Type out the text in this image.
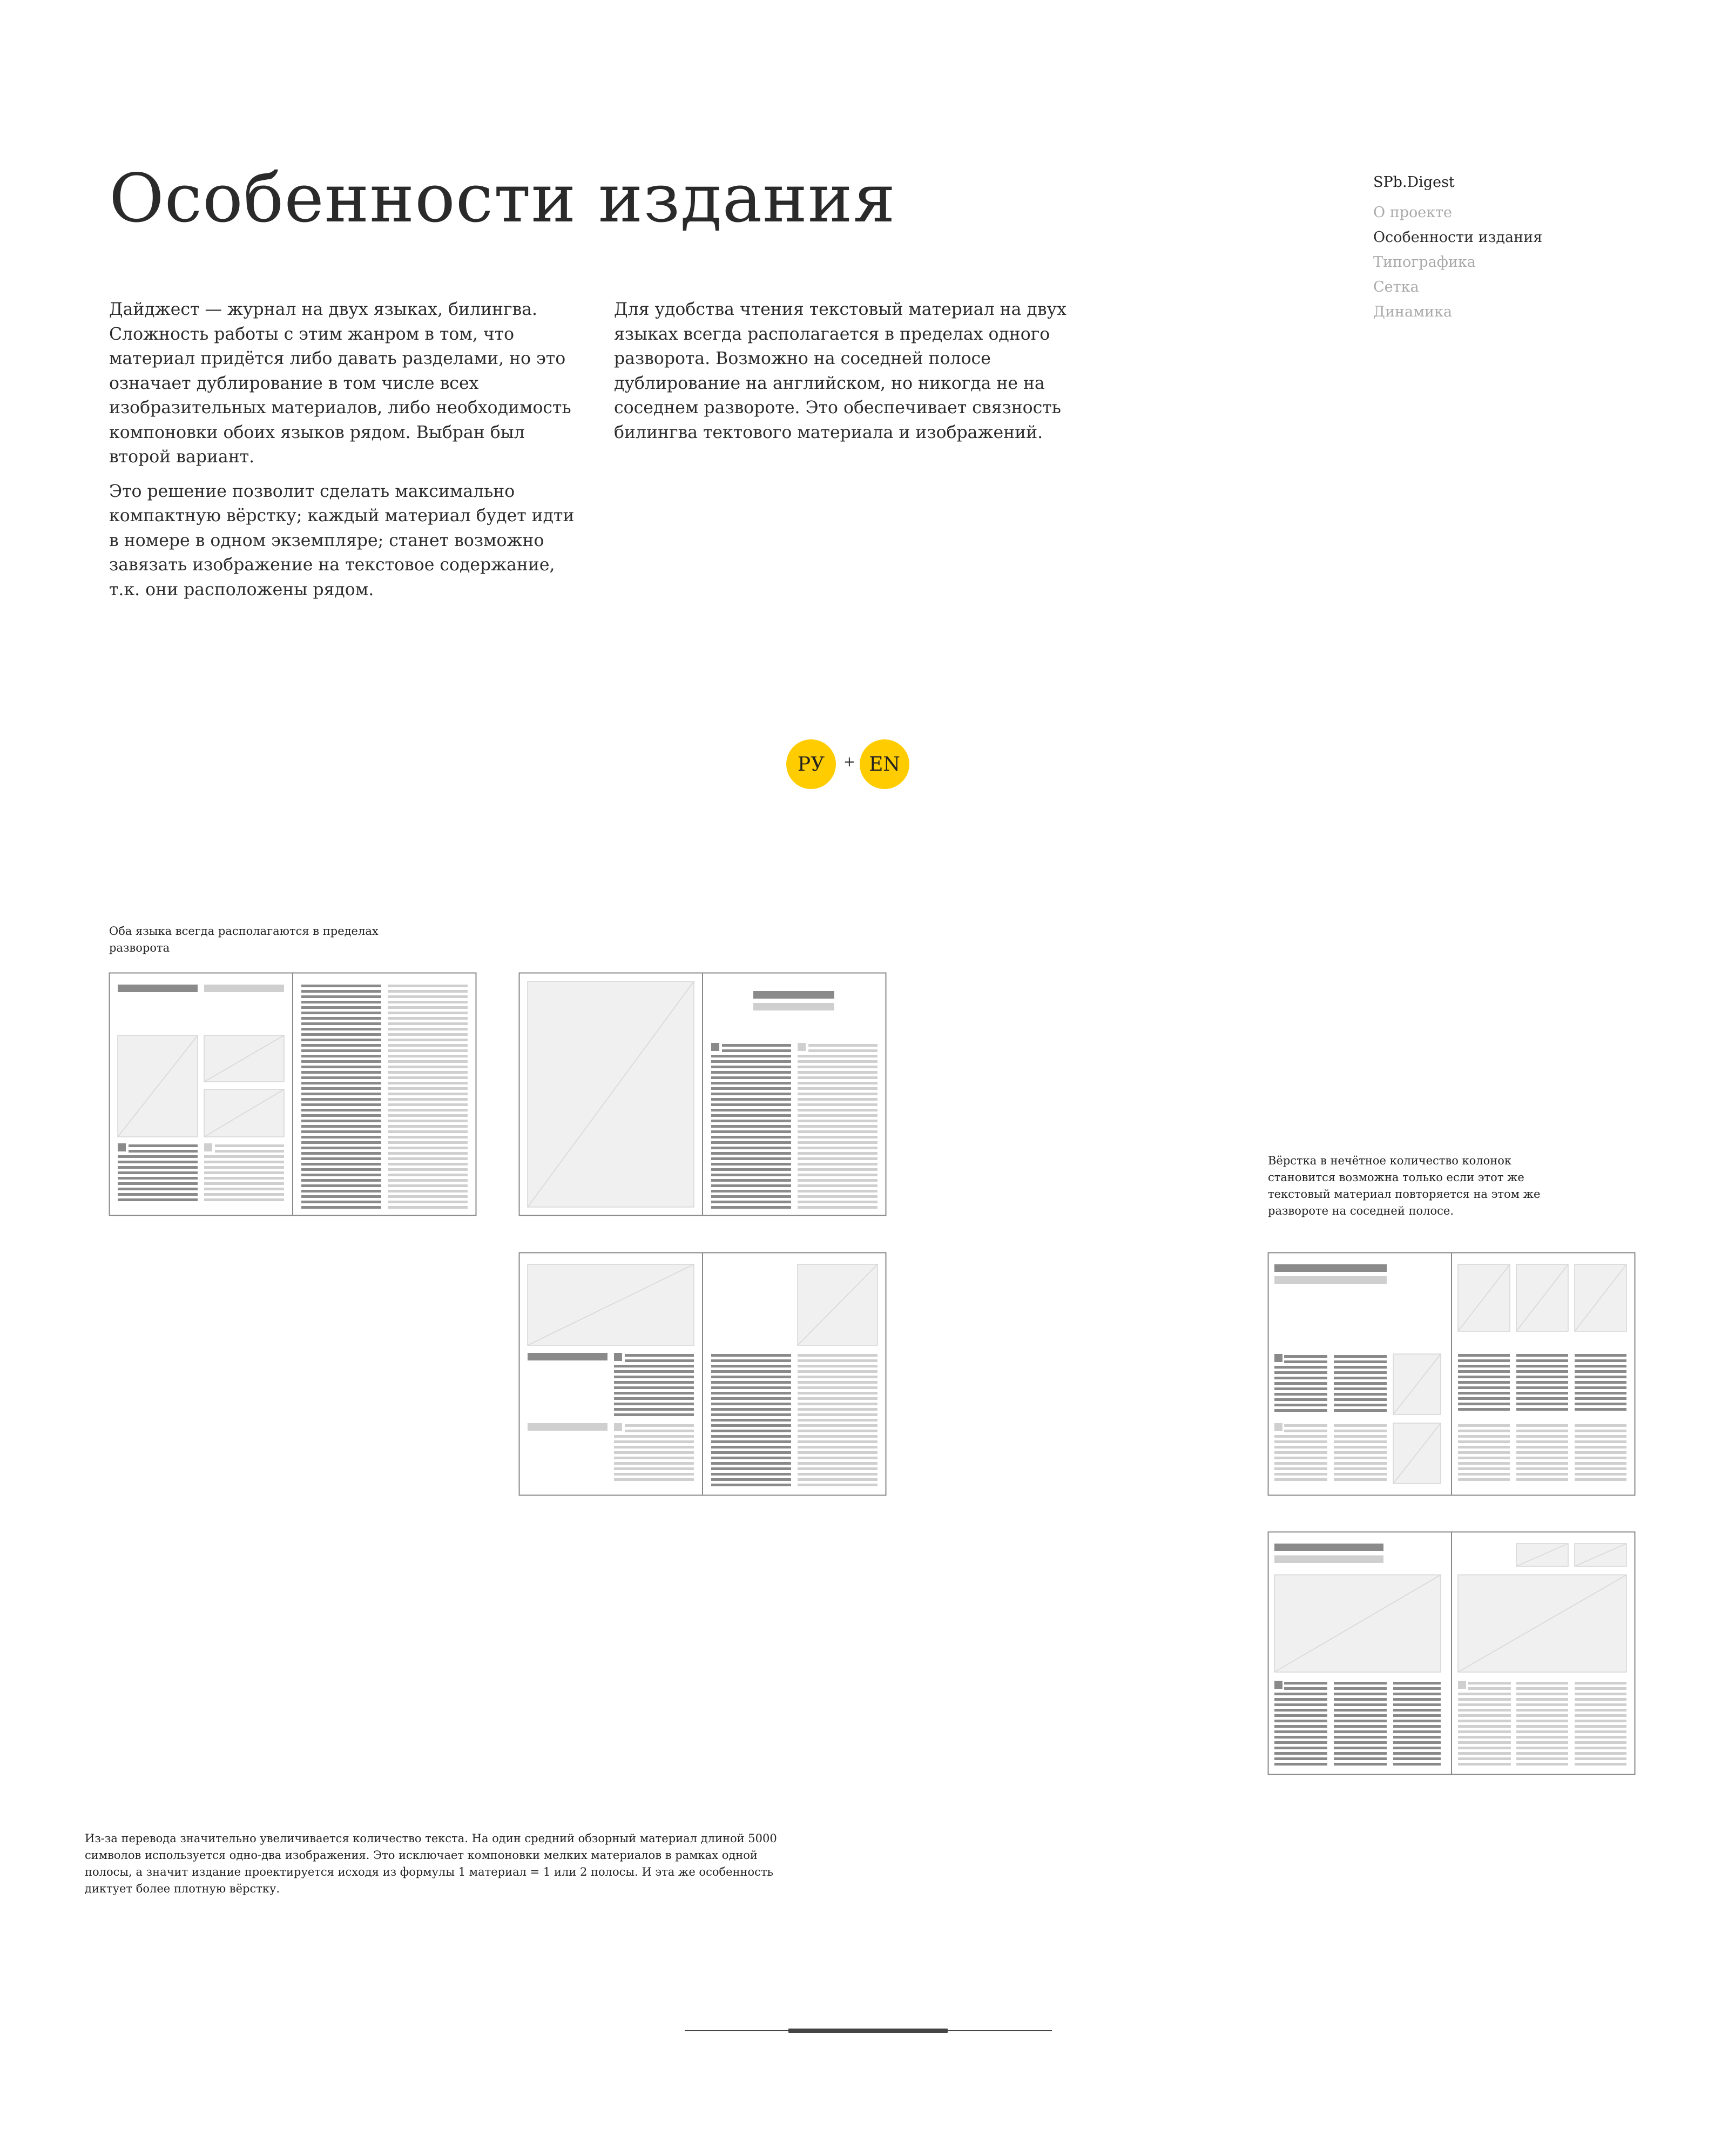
Особенности издания

Дайджест — журнал на двух языках, билингва. Сложность работы с этим жанром в том, что материал придётся либо давать разделами, но это означает дублирование в том числе всех изобразительных материалов, либо необходимость компоновки обоих языков рядом. Выбран был второй вариант.

Это решение позволит сделать максимально компактную вёрстку; каждый материал будет идти в номере в одном экземпляре; станет возможно завязать изображение на текстовое содержание, т.к. они расположены рядом.

Для удобства чтения текстовый материал на двух языках всегда располагается в пределах одного разворота. Возможно на соседней полосе дублирование на английском, но никогда не на соседнем развороте. Это обеспечивает связность билингва тектового материала и изображений.

SPb.Digest
О проекте
Особенности издания
Типографика
Сетка
Динамика
РУ	+ EN

Оба языка всегда располагаются в пределах разворота

Вёрстка в нечётное количество колонок становится возможна только если этот же текстовый материал повторяется на этом же развороте на соседней полосе.

Из-за перевода значительно увеличивается количество текста. На один средний обзорный материал длиной 5000 символов используется одно-два изображения. Это исключает компоновки мелких материалов в рамках одной полосы, а значит издание проектируется исходя из формулы 1 материал = 1 или 2 полосы. И эта же особенность диктует более плотную вёрстку.
